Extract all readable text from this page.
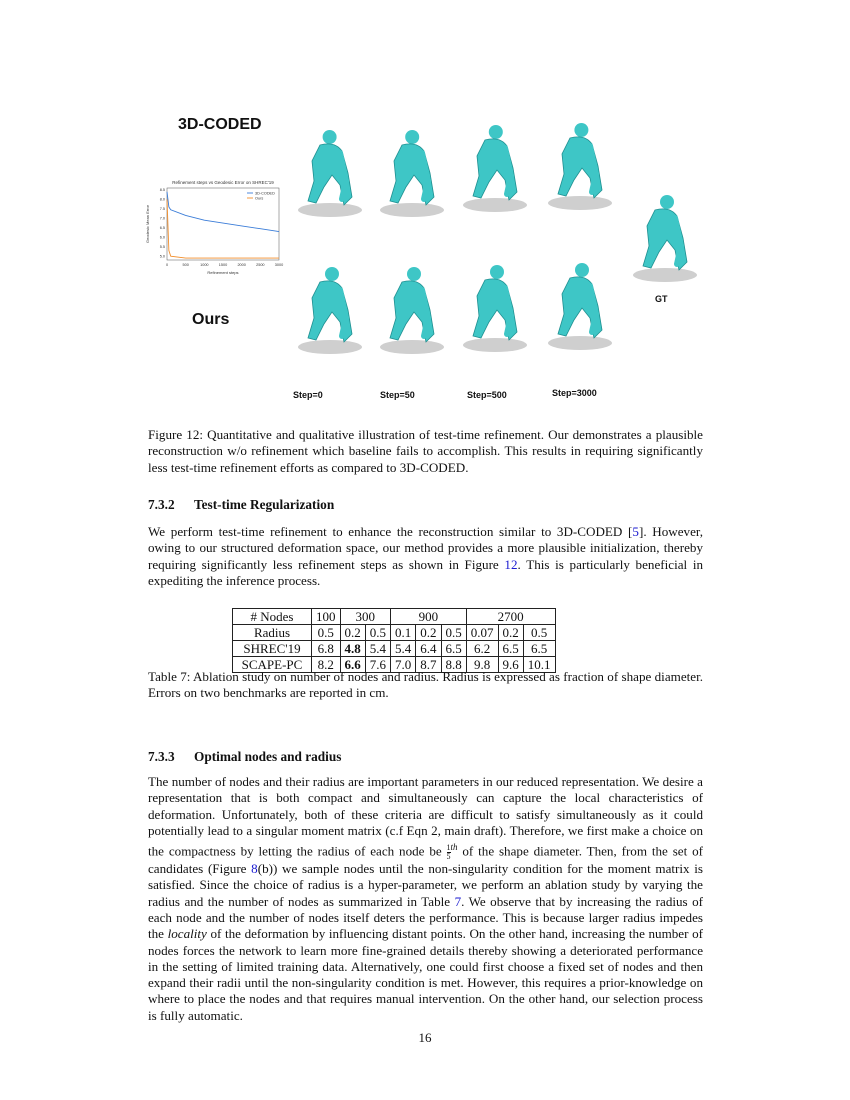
3D-CODED
Ours
GT
Refinement steps vs Geodesic Error on SHREC'19
Refinement steps
Geodesic Mean Error
0	500	1000	1500	2000	2500	3000
8.5
8.0
7.5
7.0
6.5
6.0
5.5
5.0
3D-CODED
Ours
Step=0	Step=50	Step=500	Step=3000
Figure 12: Quantitative and qualitative illustration of test-time refinement. Our demonstrates a plausible reconstruction w/o refinement which baseline fails to accomplish. This results in requiring significantly less test-time refinement efforts as compared to 3D-CODED.
7.3.2 Test-time Regularization
We perform test-time refinement to enhance the reconstruction similar to 3D-CODED [5]. However, owing to our structured deformation space, our method provides a more plausible initialization, thereby requiring significantly less refinement steps as shown in Figure 12. This is particularly beneficial in expediting the inference process.
# Nodes	100	300		900			2700		
Radius	0.5	0.2	0.5	0.1	0.2	0.5	0.07	0.2	0.5
SHREC'19	6.8	4.8	5.4	5.4	6.4	6.5	6.2	6.5	6.5
SCAPE-PC	8.2	6.6	7.6	7.0	8.7	8.8	9.8	9.6	10.1
Table 7: Ablation study on number of nodes and radius. Radius is expressed as fraction of shape diameter. Errors on two benchmarks are reported in cm.
7.3.3 Optimal nodes and radius
The number of nodes and their radius are important parameters in our reduced representation. We desire a representation that is both compact and simultaneously can capture the local characteristics of deformation. Unfortunately, both of these criteria are difficult to satisfy simultaneously as it could potentially lead to a singular moment matrix (c.f Eqn 2, main draft). Therefore, we first make a choice on the compactness by letting the radius of each node be $\frac{1}{5} ^{th}$ of the shape diameter. Then, from the set of candidates (Figure 8(b)) we sample nodes until the non-singularity condition for the moment matrix is satisfied. Since the choice of radius is a hyper-parameter, we perform an ablation study by varying the radius and the number of nodes as summarized in Table 7. We observe that by increasing the radius of each node and the number of nodes itself deters the performance. This is because larger radius impedes the locality of the deformation by influencing distant points. On the other hand, increasing the number of nodes forces the network to learn more fine-grained details thereby showing a deteriorated performance in the setting of limited training data. Alternatively, one could first choose a fixed set of nodes and then expand their radii until the non-singularity condition is met. However, this requires a prior-knowledge on where to place the nodes and that requires manual intervention. On the other hand, our selection process is fully automatic.
16
